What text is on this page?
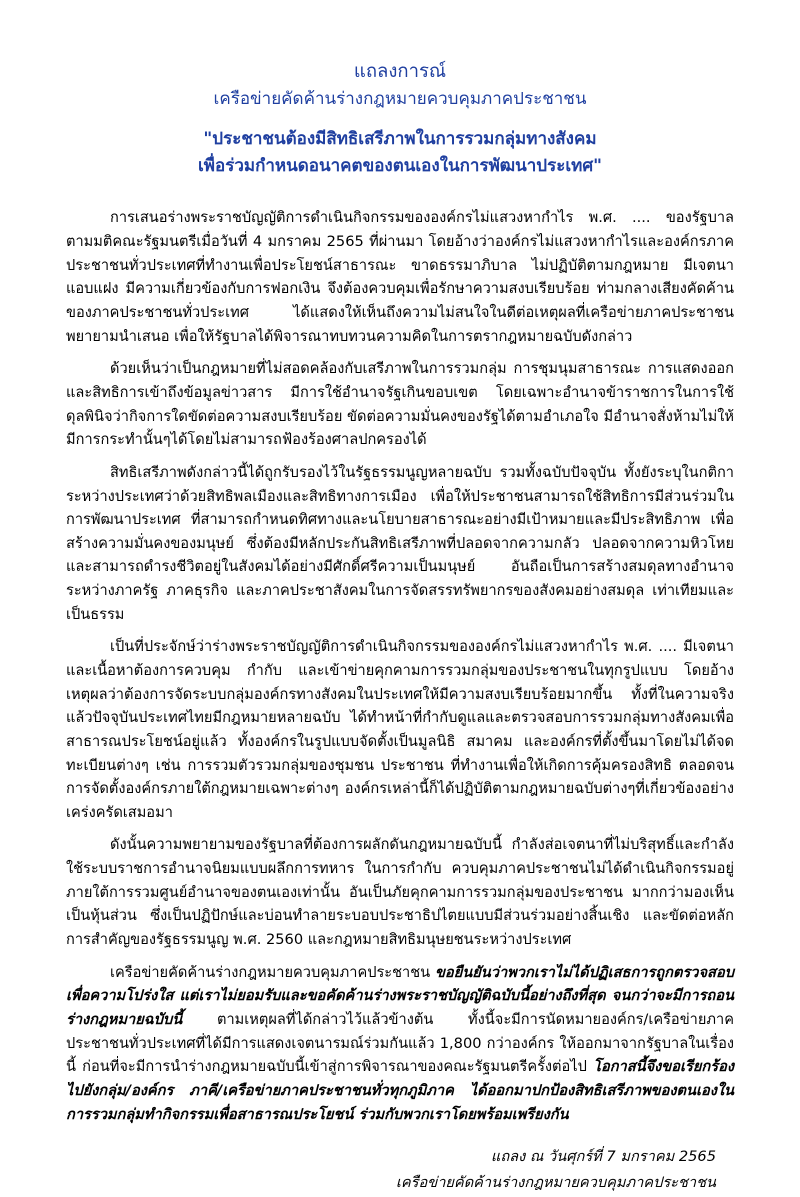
แถลงการณ์
เครือข่ายคัดค้านร่างกฎหมายควบคุมภาคประชาชน
"ประชาชนต้องมีสิทธิเสรีภาพในการรวมกลุ่มทางสังคม
เพื่อร่วมกำหนดอนาคตของตนเองในการพัฒนาประเทศ"

การเสนอร่างพระราชบัญญัติการดำเนินกิจกรรมขององค์กรไม่แสวงหากำไร พ.ศ. .... ของรัฐบาล ตามมติคณะรัฐมนตรีเมื่อวันที่ 4 มกราคม 2565 ที่ผ่านมา โดยอ้างว่าองค์กรไม่แสวงหากำไรและองค์กรภาคประชาชนทั่วประเทศที่ทำงานเพื่อประโยชน์สาธารณะ ขาดธรรมาภิบาล ไม่ปฏิบัติตามกฎหมาย มีเจตนาแอบแฝง มีความเกี่ยวข้องกับการฟอกเงิน จึงต้องควบคุมเพื่อรักษาความสงบเรียบร้อย ท่ามกลางเสียงคัดค้านของภาคประชาชนทั่วประเทศ ได้แสดงให้เห็นถึงความไม่สนใจในดีต่อเหตุผลที่เครือข่ายภาคประชาชนพยายามนำเสนอ เพื่อให้รัฐบาลได้พิจารณาทบทวนความคิดในการตรากฎหมายฉบับดังกล่าว

ด้วยเห็นว่าเป็นกฎหมายที่ไม่สอดคล้องกับเสรีภาพในการรวมกลุ่ม การชุมนุมสาธารณะ การแสดงออก และสิทธิการเข้าถึงข้อมูลข่าวสาร มีการใช้อำนาจรัฐเกินขอบเขต โดยเฉพาะอำนาจข้าราชการในการใช้ดุลพินิจว่ากิจการใดขัดต่อความสงบเรียบร้อย ขัดต่อความมั่นคงของรัฐได้ตามอำเภอใจ มีอำนาจสั่งห้ามไม่ให้มีการกระทำนั้นๆได้โดยไม่สามารถฟ้องร้องศาลปกครองได้

สิทธิเสรีภาพดังกล่าวนี้ได้ถูกรับรองไว้ในรัฐธรรมนูญหลายฉบับ รวมทั้งฉบับปัจจุบัน ทั้งยังระบุในกติการะหว่างประเทศว่าด้วยสิทธิพลเมืองและสิทธิทางการเมือง เพื่อให้ประชาชนสามารถใช้สิทธิการมีส่วนร่วมในการพัฒนาประเทศ ที่สามารถกำหนดทิศทางและนโยบายสาธารณะอย่างมีเป้าหมายและมีประสิทธิภาพ เพื่อสร้างความมั่นคงของมนุษย์ ซึ่งต้องมีหลักประกันสิทธิเสรีภาพที่ปลอดจากความกลัว ปลอดจากความหิวโหย และสามารถดำรงชีวิตอยู่ในสังคมได้อย่างมีศักดิ์ศรีความเป็นมนุษย์ อันถือเป็นการสร้างสมดุลทางอำนาจระหว่างภาครัฐ ภาคธุรกิจ และภาคประชาสังคมในการจัดสรรทรัพยากรของสังคมอย่างสมดุล เท่าเทียมและเป็นธรรม

เป็นที่ประจักษ์ว่าร่างพระราชบัญญัติการดำเนินกิจกรรมขององค์กรไม่แสวงหากำไร พ.ศ. .... มีเจตนาและเนื้อหาต้องการควบคุม กำกับ และเข้าข่ายคุกคามการรวมกลุ่มของประชาชนในทุกรูปแบบ โดยอ้างเหตุผลว่าต้องการจัดระบบกลุ่มองค์กรทางสังคมในประเทศให้มีความสงบเรียบร้อยมากขึ้น ทั้งที่ในความจริงแล้วปัจจุบันประเทศไทยมีกฎหมายหลายฉบับ ได้ทำหน้าที่กำกับดูแลและตรวจสอบการรวมกลุ่มทางสังคมเพื่อสาธารณประโยชน์อยู่แล้ว ทั้งองค์กรในรูปแบบจัดตั้งเป็นมูลนิธิ สมาคม และองค์กรที่ตั้งขึ้นมาโดยไม่ได้จดทะเบียนต่างๆ เช่น การรวมตัวรวมกลุ่มของชุมชน ประชาชน ที่ทำงานเพื่อให้เกิดการคุ้มครองสิทธิ ตลอดจนการจัดตั้งองค์กรภายใต้กฎหมายเฉพาะต่างๆ องค์กรเหล่านี้ก็ได้ปฏิบัติตามกฎหมายฉบับต่างๆที่เกี่ยวข้องอย่างเคร่งครัดเสมอมา

ดังนั้นความพยายามของรัฐบาลที่ต้องการผลักดันกฎหมายฉบับนี้ กำลังส่อเจตนาที่ไม่บริสุทธิ์และกำลังใช้ระบบราชการอำนาจนิยมแบบผลึกการทหาร ในการกำกับ ควบคุมภาคประชาชนไม่ได้ดำเนินกิจกรรมอยู่ภายใต้การรวมศูนย์อำนาจของตนเองเท่านั้น อันเป็นภัยคุกคามการรวมกลุ่มของประชาชน มากกว่ามองเห็นเป็นหุ้นส่วน ซึ่งเป็นปฏิปักษ์และบ่อนทำลายระบอบประชาธิปไตยแบบมีส่วนร่วมอย่างสิ้นเชิง และขัดต่อหลักการสำคัญของรัฐธรรมนูญ พ.ศ. 2560 และกฎหมายสิทธิมนุษยชนระหว่างประเทศ

เครือข่ายคัดค้านร่างกฎหมายควบคุมภาคประชาชน ขอยืนยันว่าพวกเราไม่ได้ปฏิเสธการถูกตรวจสอบเพื่อความโปร่งใส แต่เราไม่ยอมรับและขอคัดค้านร่างพระราชบัญญัติฉบับนี้อย่างถึงที่สุด จนกว่าจะมีการถอนร่างกฎหมายฉบับนี้ ตามเหตุผลที่ได้กล่าวไว้แล้วข้างต้น ทั้งนี้จะมีการนัดหมายองค์กร/เครือข่ายภาคประชาชนทั่วประเทศที่ได้มีการแสดงเจตนารมณ์ร่วมกันแล้ว 1,800 กว่าองค์กร ให้ออกมาจากรัฐบาลในเรื่องนี้ ก่อนที่จะมีการนำร่างกฎหมายฉบับนี้เข้าสู่การพิจารณาของคณะรัฐมนตรีครั้งต่อไป โอกาสนี้จึงขอเรียกร้องไปยังกลุ่ม/องค์กร ภาคี/เครือข่ายภาคประชาชนทั่วทุกภูมิภาค ได้ออกมาปกป้องสิทธิเสรีภาพของตนเองในการรวมกลุ่มทำกิจกรรมเพื่อสาธารณประโยชน์ ร่วมกับพวกเราโดยพร้อมเพรียงกัน

แถลง ณ วันศุกร์ที่ 7 มกราคม 2565
เครือข่ายคัดค้านร่างกฎหมายควบคุมภาคประชาชน
